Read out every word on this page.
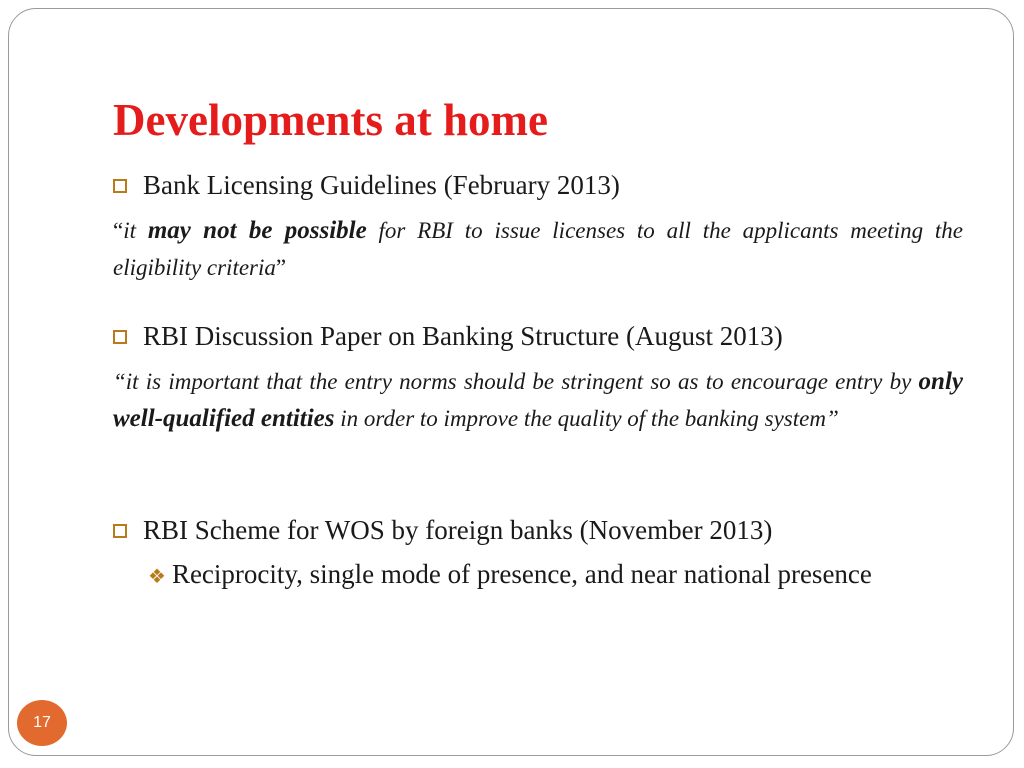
Developments at home
Bank Licensing Guidelines (February 2013)
“it may not be possible for RBI to issue licenses to all the applicants meeting the eligibility criteria”
RBI Discussion Paper on Banking Structure (August 2013)
“it is important that the entry norms should be stringent so as to encourage entry by only well-qualified entities in order to improve the quality of the banking system”
RBI Scheme for WOS by foreign banks (November 2013)
❖ Reciprocity, single mode of presence, and near national presence
17
